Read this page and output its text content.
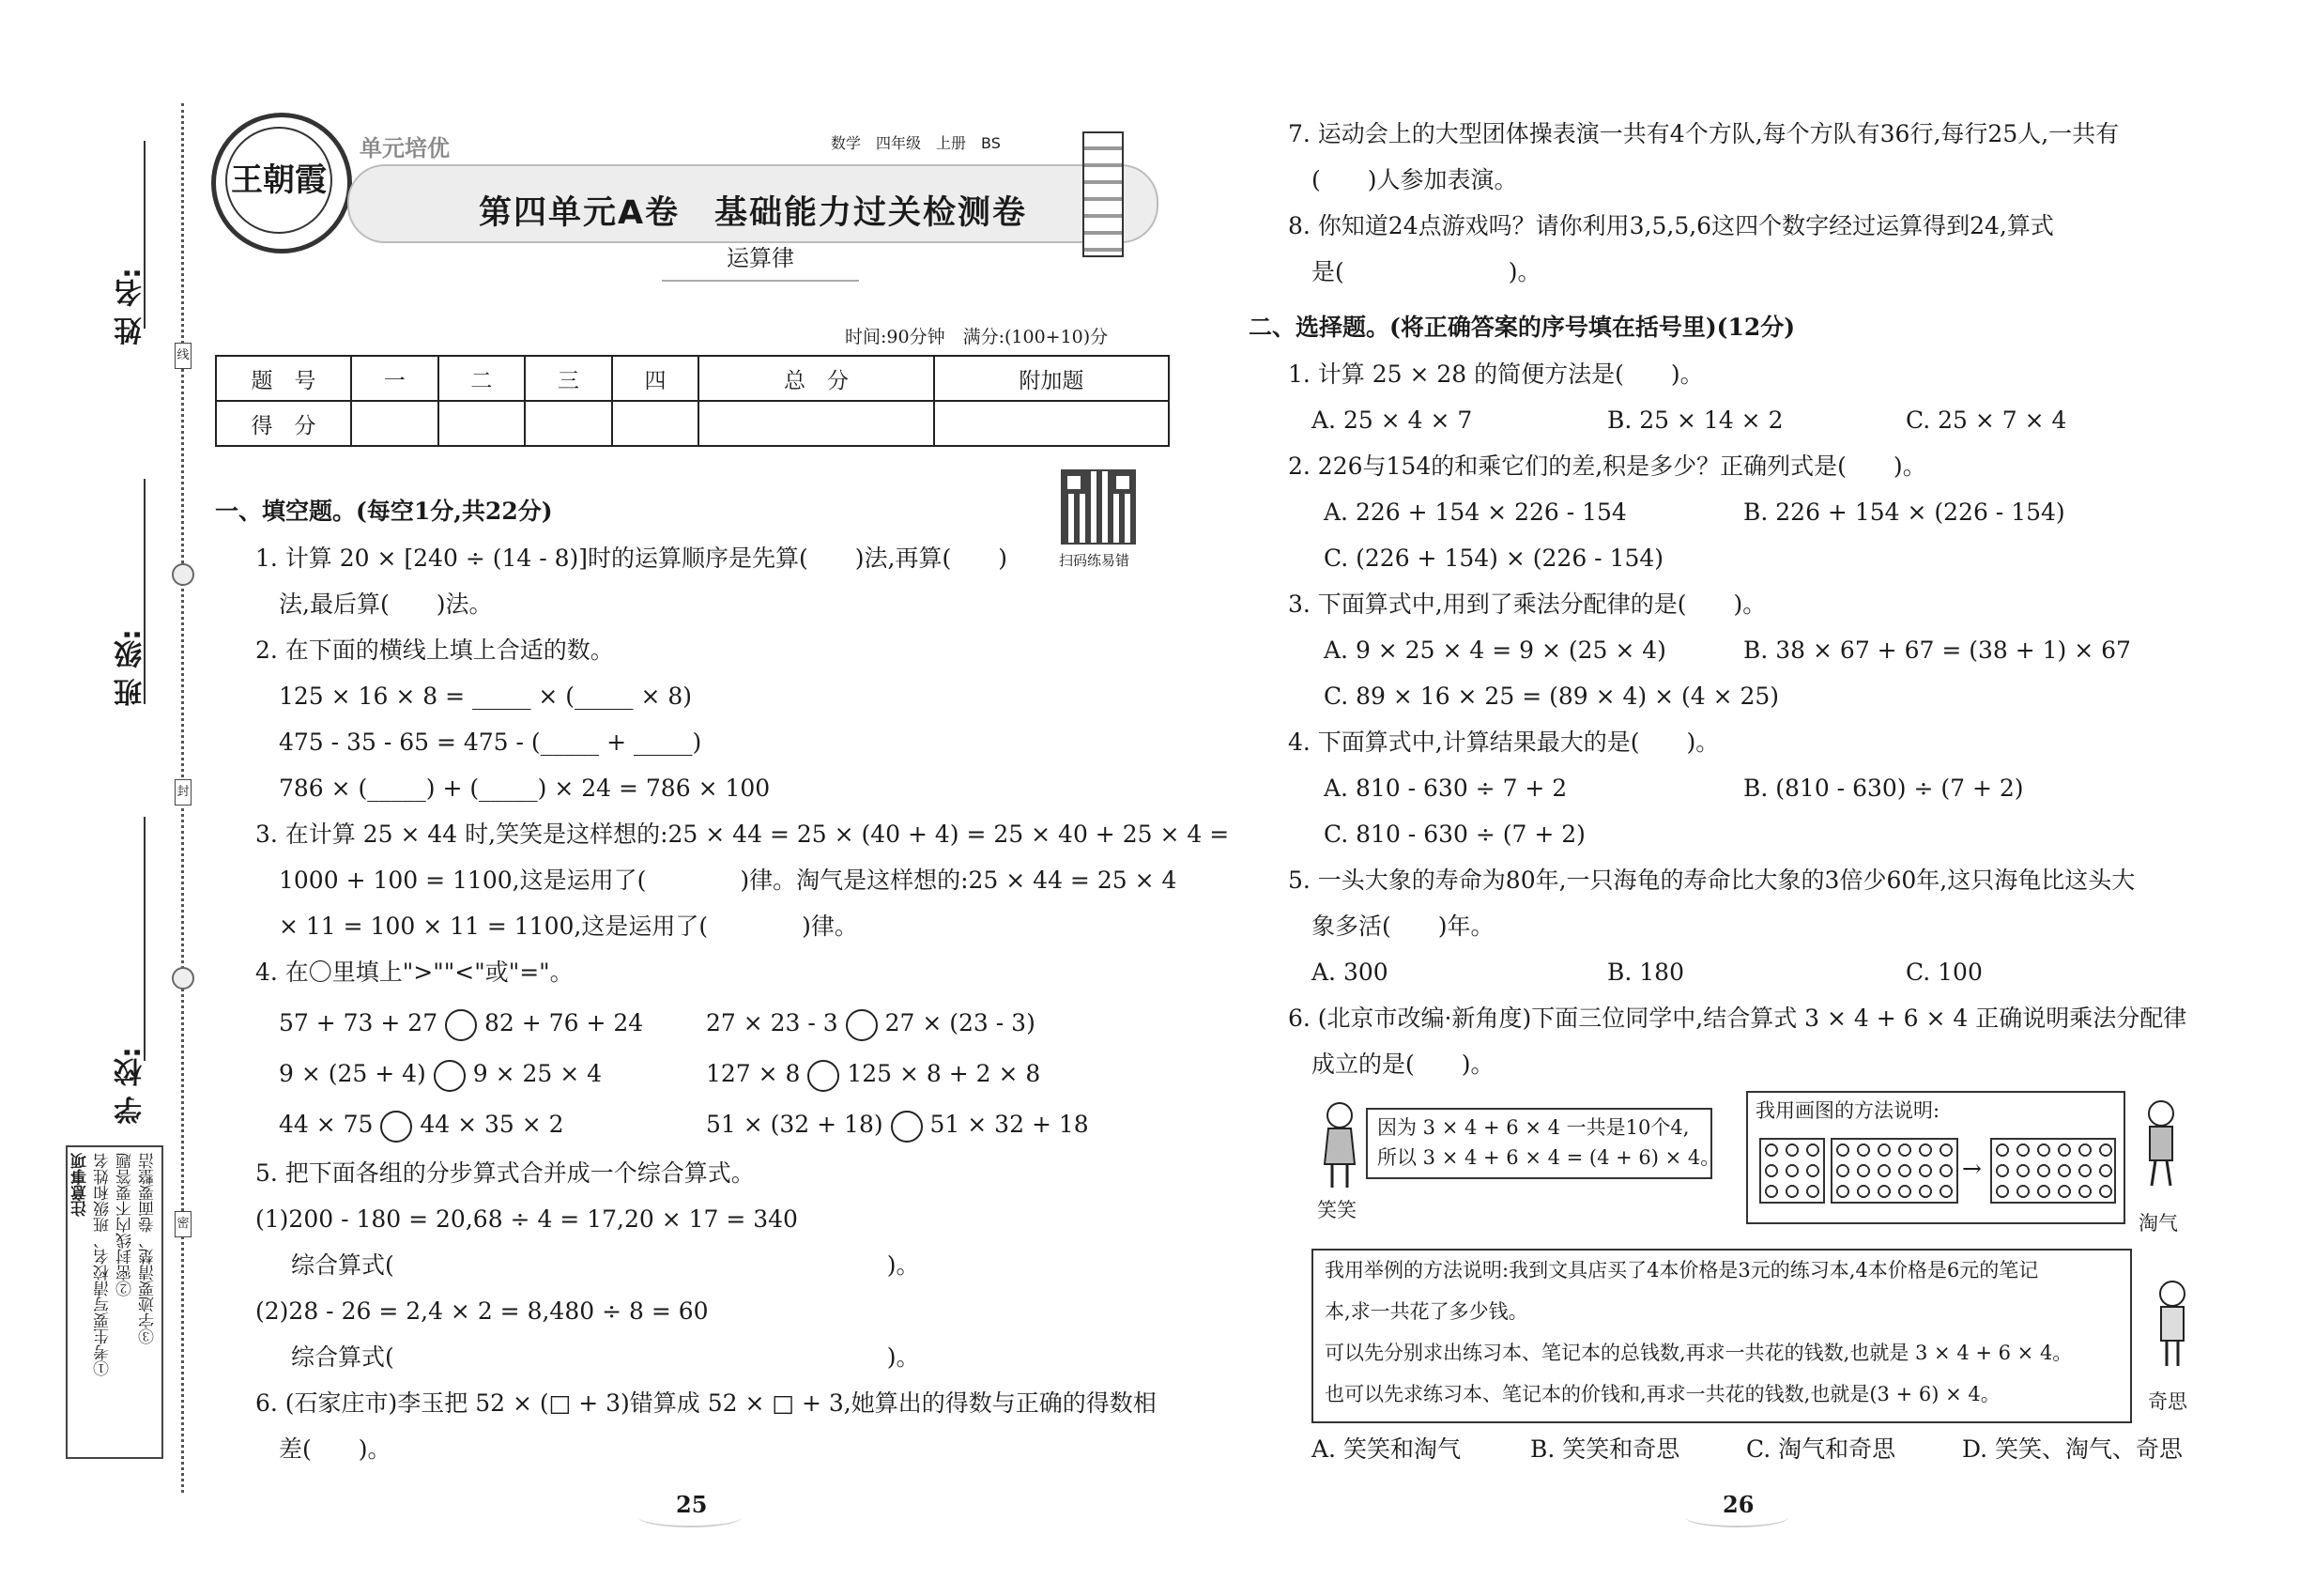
姓 名:
班 级:
学 校:
线
封
密
注意事项 ①考生要写清校名、班级和姓名 ②密封线内不要答题 ③字迹要清楚、卷面要整洁
王朝霞
单元培优	数学　四年级　上册　BS
第四单元A卷　基础能力过关检测卷
运算律
时间:90分钟　满分:(100+10)分
题　号	一	二	三	四	总　分	附加题
得　分						
扫码练易错
一、填空题。(每空1分,共22分)
1. 计算 20 × [240 ÷ (14 - 8)]时的运算顺序是先算(　　)法,再算(　　)
法,最后算(　　)法。
2. 在下面的横线上填上合适的数。
125 × 16 × 8 = _____ × (_____ × 8)
475 - 35 - 65 = 475 - (_____ + _____)
786 × (_____) + (_____) × 24 = 786 × 100
3. 在计算 25 × 44 时,笑笑是这样想的:25 × 44 = 25 × (40 + 4) = 25 × 40 + 25 × 4 =
1000 + 100 = 1100,这是运用了(　　　　)律。淘气是这样想的:25 × 44 = 25 × 4
× 11 = 100 × 11 = 1100,这是运用了(　　　　)律。
4. 在〇里填上">""<"或"="。
57 + 73 + 27 82 + 76 + 24	27 × 23 - 3 27 × (23 - 3)
9 × (25 + 4) 9 × 25 × 4	127 × 8 125 × 8 + 2 × 8
44 × 75 44 × 35 × 2	51 × (32 + 18) 51 × 32 + 18
5. 把下面各组的分步算式合并成一个综合算式。
(1)200 - 180 = 20,68 ÷ 4 = 17,20 × 17 = 340
综合算式(　　　　　　　　　　　　　　　　　　　　　)。
(2)28 - 26 = 2,4 × 2 = 8,480 ÷ 8 = 60
综合算式(　　　　　　　　　　　　　　　　　　　　　)。
6. (石家庄市)李玉把 52 × (□ + 3)错算成 52 × □ + 3,她算出的得数与正确的得数相
差(　　)。
25
7. 运动会上的大型团体操表演一共有4个方队,每个方队有36行,每行25人,一共有
(　　)人参加表演。
8. 你知道24点游戏吗？请你利用3,5,5,6这四个数字经过运算得到24,算式
是(　　　　　　　)。
二、选择题。(将正确答案的序号填在括号里)(12分)
1. 计算 25 × 28 的简便方法是(　　)。
A. 25 × 4 × 7	B. 25 × 14 × 2	C. 25 × 7 × 4
2. 226与154的和乘它们的差,积是多少？正确列式是(　　)。
A. 226 + 154 × 226 - 154	B. 226 + 154 × (226 - 154)
C. (226 + 154) × (226 - 154)
3. 下面算式中,用到了乘法分配律的是(　　)。
A. 9 × 25 × 4 = 9 × (25 × 4)	B. 38 × 67 + 67 = (38 + 1) × 67
C. 89 × 16 × 25 = (89 × 4) × (4 × 25)
4. 下面算式中,计算结果最大的是(　　)。
A. 810 - 630 ÷ 7 + 2	B. (810 - 630) ÷ (7 + 2)
C. 810 - 630 ÷ (7 + 2)
5. 一头大象的寿命为80年,一只海龟的寿命比大象的3倍少60年,这只海龟比这头大
象多活(　　)年。
A. 300	B. 180	C. 100
6. (北京市改编·新角度)下面三位同学中,结合算式 3 × 4 + 6 × 4 正确说明乘法分配律
成立的是(　　)。
笑笑
因为 3 × 4 + 6 × 4 一共是10个4,
所以 3 × 4 + 6 × 4 = (4 + 6) × 4。
我用画图的方法说明:
→
淘气
我用举例的方法说明:我到文具店买了4本价格是3元的练习本,4本价格是6元的笔记
本,求一共花了多少钱。
可以先分别求出练习本、笔记本的总钱数,再求一共花的钱数,也就是 3 × 4 + 6 × 4。
也可以先求练习本、笔记本的价钱和,再求一共花的钱数,也就是(3 + 6) × 4。	奇思
A. 笑笑和淘气	B. 笑笑和奇思	C. 淘气和奇思	D. 笑笑、淘气、奇思
26
